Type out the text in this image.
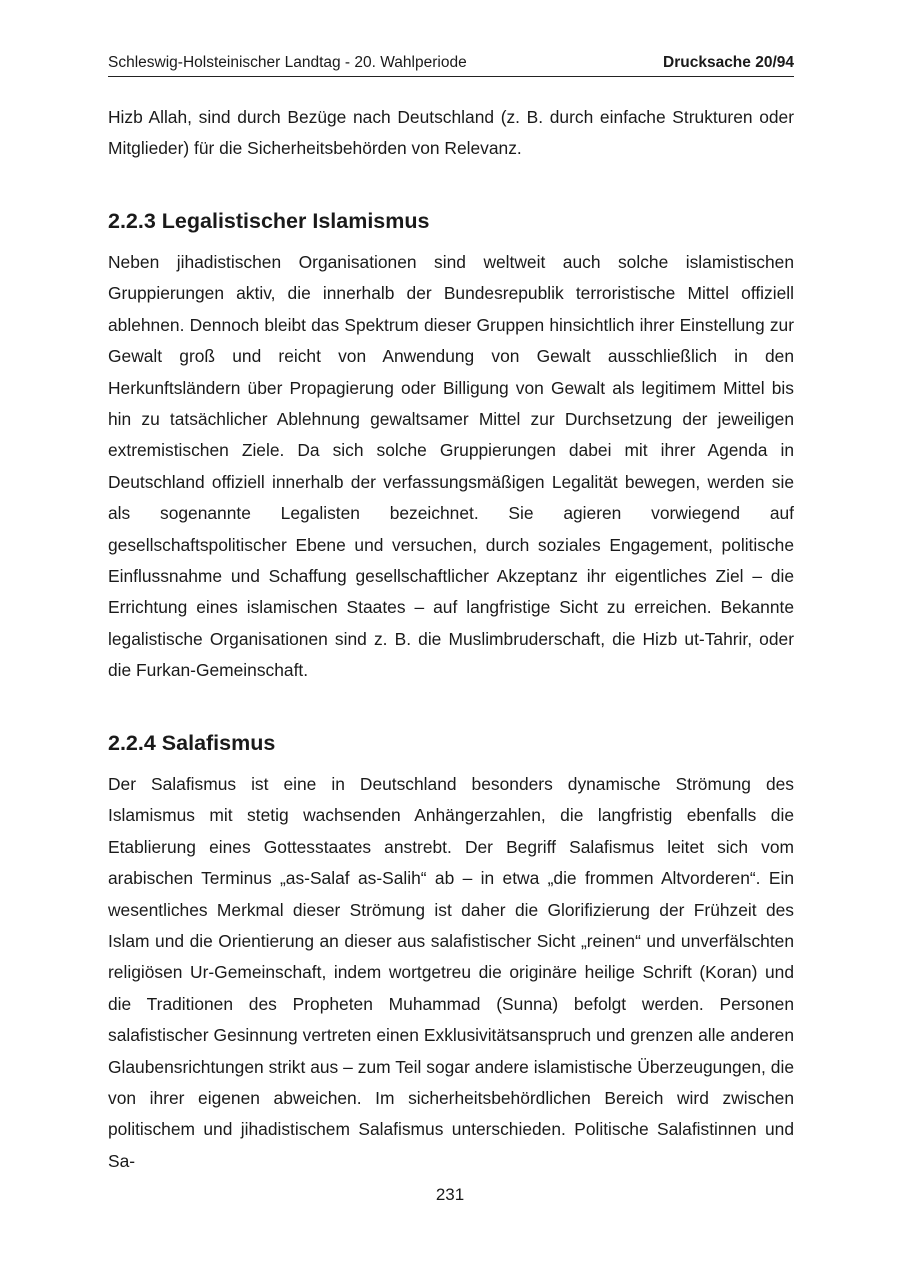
Schleswig-Holsteinischer Landtag - 20. Wahlperiode	Drucksache 20/94

Hizb Allah, sind durch Bezüge nach Deutschland (z. B. durch einfache Strukturen oder Mitglieder) für die Sicherheitsbehörden von Relevanz.

2.2.3 Legalistischer Islamismus

Neben jihadistischen Organisationen sind weltweit auch solche islamistischen Gruppierungen aktiv, die innerhalb der Bundesrepublik terroristische Mittel offiziell ablehnen. Dennoch bleibt das Spektrum dieser Gruppen hinsichtlich ihrer Einstellung zur Gewalt groß und reicht von Anwendung von Gewalt ausschließlich in den Herkunftsländern über Propagierung oder Billigung von Gewalt als legitimem Mittel bis hin zu tatsächlicher Ablehnung gewaltsamer Mittel zur Durchsetzung der jeweiligen extremistischen Ziele. Da sich solche Gruppierungen dabei mit ihrer Agenda in Deutschland offiziell innerhalb der verfassungsmäßigen Legalität bewegen, werden sie als sogenannte Legalisten bezeichnet. Sie agieren vorwiegend auf gesellschaftspolitischer Ebene und versuchen, durch soziales Engagement, politische Einflussnahme und Schaffung gesellschaftlicher Akzeptanz ihr eigentliches Ziel – die Errichtung eines islamischen Staates – auf langfristige Sicht zu erreichen. Bekannte legalistische Organisationen sind z. B. die Muslimbruderschaft, die Hizb ut-Tahrir, oder die Furkan-Gemeinschaft.

2.2.4 Salafismus

Der Salafismus ist eine in Deutschland besonders dynamische Strömung des Islamismus mit stetig wachsenden Anhängerzahlen, die langfristig ebenfalls die Etablierung eines Gottesstaates anstrebt. Der Begriff Salafismus leitet sich vom arabischen Terminus „as-Salaf as-Salih“ ab – in etwa „die frommen Altvorderen“. Ein wesentliches Merkmal dieser Strömung ist daher die Glorifizierung der Frühzeit des Islam und die Orientierung an dieser aus salafistischer Sicht „reinen“ und unverfälschten religiösen Ur-Gemeinschaft, indem wortgetreu die originäre heilige Schrift (Koran) und die Traditionen des Propheten Muhammad (Sunna) befolgt werden. Personen salafistischer Gesinnung vertreten einen Exklusivitätsanspruch und grenzen alle anderen Glaubensrichtungen strikt aus – zum Teil sogar andere islamistische Überzeugungen, die von ihrer eigenen abweichen. Im sicherheitsbehördlichen Bereich wird zwischen politischem und jihadistischem Salafismus unterschieden. Politische Salafistinnen und Sa-

231
